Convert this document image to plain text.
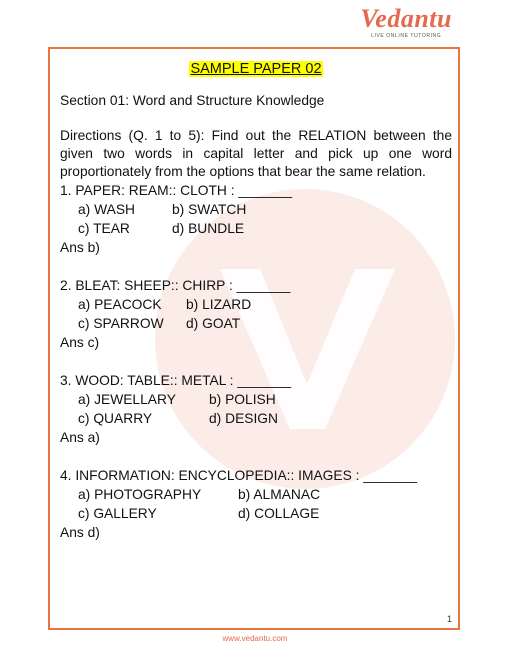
Vedantu
LIVE ONLINE TUTORING
SAMPLE PAPER 02
Section 01: Word and Structure Knowledge
Directions (Q. 1 to 5): Find out the RELATION between the given two words in capital letter and pick up one word proportionately from the options that bear the same relation.
1. PAPER: REAM:: CLOTH : _______
a) WASH	b) SWATCH
c) TEAR	d) BUNDLE
Ans b)
2. BLEAT: SHEEP:: CHIRP : _______
a) PEACOCK	b) LIZARD
c) SPARROW	d) GOAT
Ans c)
3. WOOD: TABLE:: METAL : _______
a) JEWELLARY	b) POLISH
c) QUARRY	d) DESIGN
Ans a)
4. INFORMATION: ENCYCLOPEDIA:: IMAGES : _______
a) PHOTOGRAPHY	b) ALMANAC
c) GALLERY	d) COLLAGE
Ans d)
1
www.vedantu.com
